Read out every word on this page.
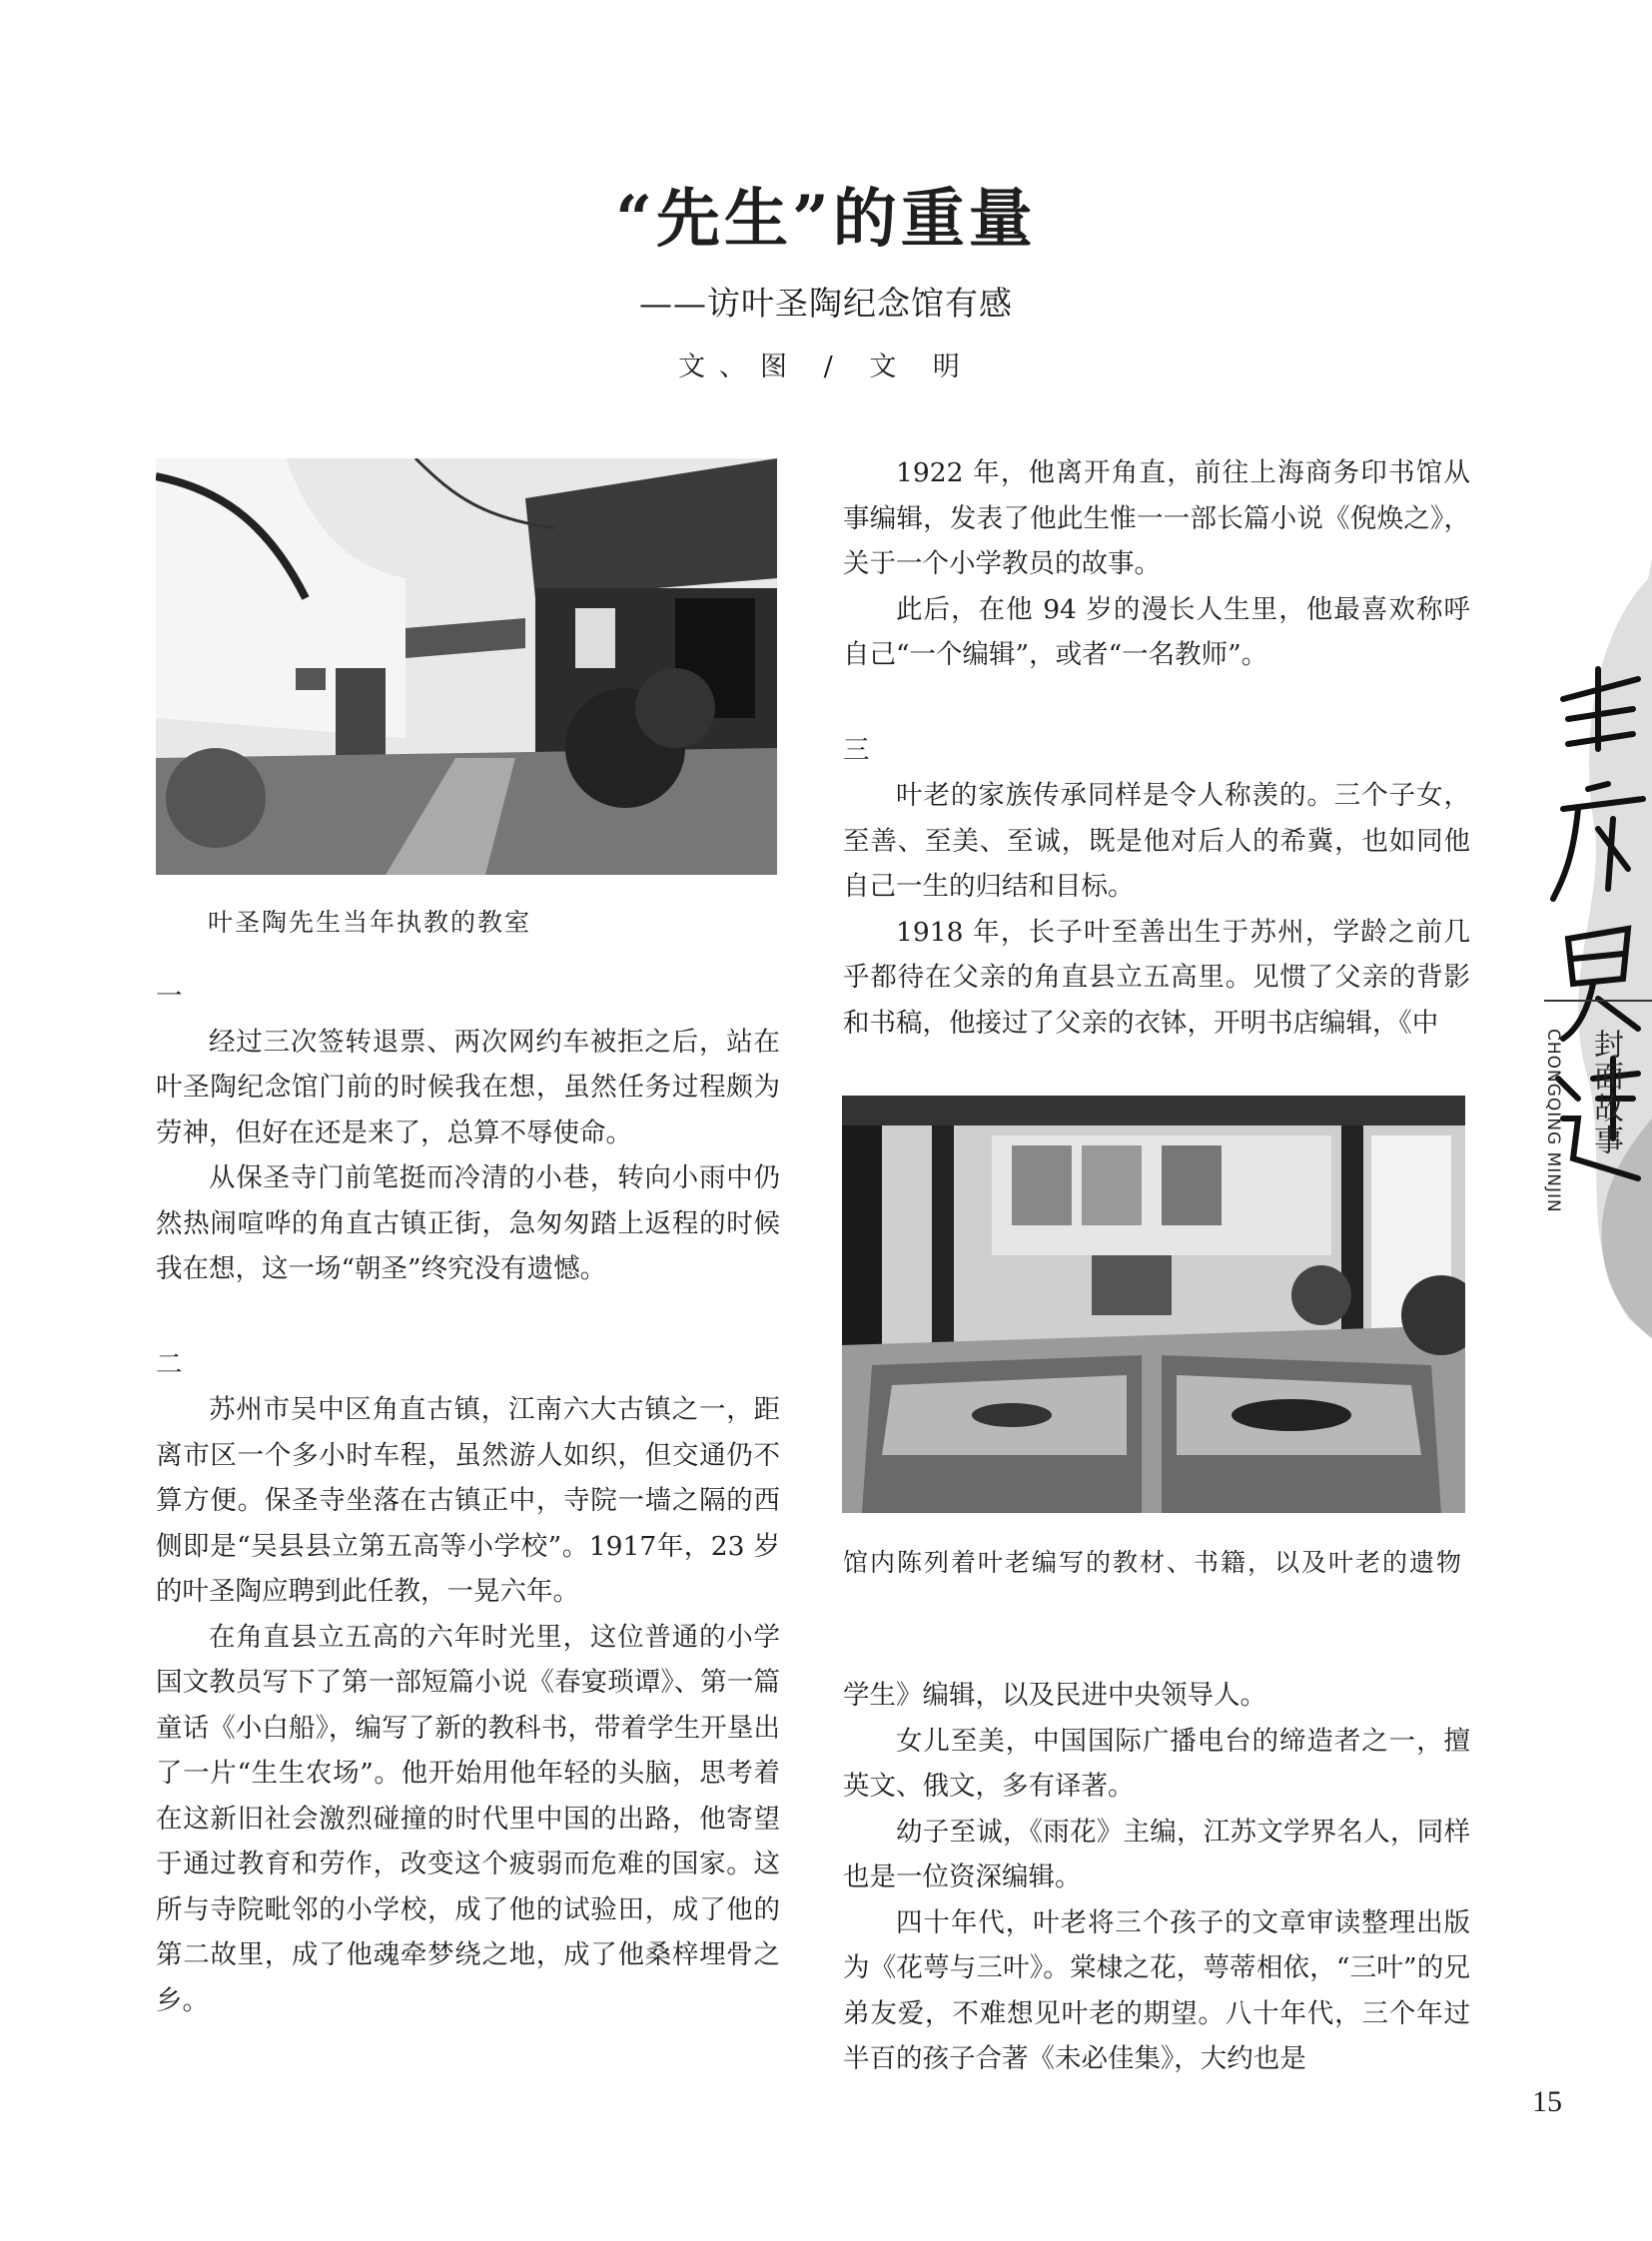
“先生”的重量
——访叶圣陶纪念馆有感
文、图 / 文 明
叶圣陶先生当年执教的教室
一

经过三次签转退票、两次网约车被拒之后，站在叶圣陶纪念馆门前的时候我在想，虽然任务过程颇为劳神，但好在还是来了，总算不辱使命。

从保圣寺门前笔挺而冷清的小巷，转向小雨中仍然热闹喧哗的角直古镇正街，急匆匆踏上返程的时候我在想，这一场“朝圣”终究没有遗憾。

二

苏州市吴中区角直古镇，江南六大古镇之一，距离市区一个多小时车程，虽然游人如织，但交通仍不算方便。保圣寺坐落在古镇正中，寺院一墙之隔的西侧即是“吴县县立第五高等小学校”。1917年，23 岁的叶圣陶应聘到此任教，一晃六年。

在角直县立五高的六年时光里，这位普通的小学国文教员写下了第一部短篇小说《春宴琐谭》、第一篇童话《小白船》，编写了新的教科书，带着学生开垦出了一片“生生农场”。他开始用他年轻的头脑，思考着在这新旧社会激烈碰撞的时代里中国的出路，他寄望于通过教育和劳作，改变这个疲弱而危难的国家。这所与寺院毗邻的小学校，成了他的试验田，成了他的第二故里，成了他魂牵梦绕之地，成了他桑梓埋骨之乡。

1922 年，他离开角直，前往上海商务印书馆从事编辑，发表了他此生惟一一部长篇小说《倪焕之》，关于一个小学教员的故事。

此后，在他 94 岁的漫长人生里，他最喜欢称呼自己“一个编辑”，或者“一名教师”。

三

叶老的家族传承同样是令人称羡的。三个子女，至善、至美、至诚，既是他对后人的希冀，也如同他自己一生的归结和目标。

1918 年，长子叶至善出生于苏州，学龄之前几乎都待在父亲的角直县立五高里。见惯了父亲的背影和书稿，他接过了父亲的衣钵，开明书店编辑，《中

馆内陈列着叶老编写的教材、书籍，以及叶老的遗物

学生》编辑，以及民进中央领导人。

女儿至美，中国国际广播电台的缔造者之一，擅英文、俄文，多有译著。

幼子至诚，《雨花》主编，江苏文学界名人，同样也是一位资深编辑。

四十年代，叶老将三个孩子的文章审读整理出版为《花萼与三叶》。棠棣之花，萼蒂相依，“三叶”的兄弟友爱，不难想见叶老的期望。八十年代，三个年过半百的孩子合著《未必佳集》，大约也是

封面故事
CHONGQING MINJIN
15
